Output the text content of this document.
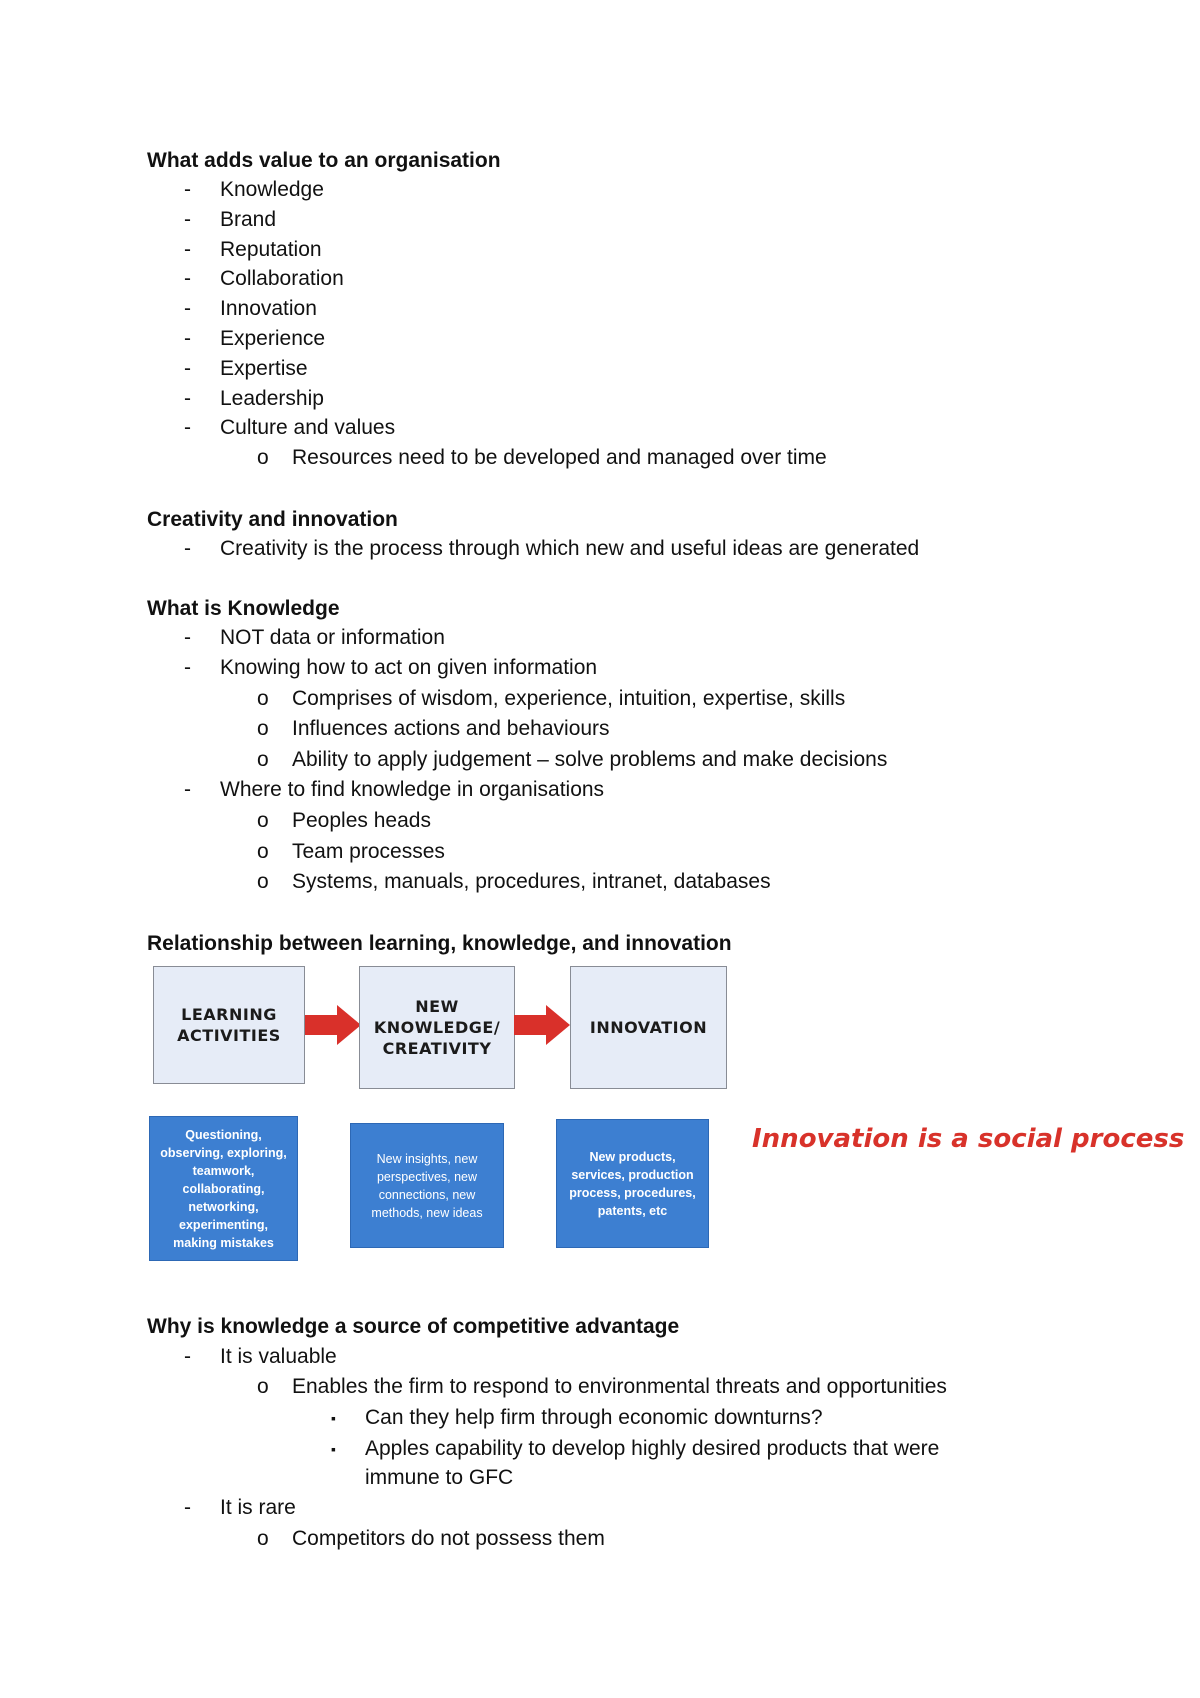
What adds value to an organisation
- Knowledge
- Brand
- Reputation
- Collaboration
- Innovation
- Experience
- Expertise
- Leadership
- Culture and values
o Resources need to be developed and managed over time
Creativity and innovation
- Creativity is the process through which new and useful ideas are generated
What is Knowledge
- NOT data or information
- Knowing how to act on given information
o Comprises of wisdom, experience, intuition, expertise, skills
o Influences actions and behaviours
o Ability to apply judgement – solve problems and make decisions
- Where to find knowledge in organisations
o Peoples heads
o Team processes
o Systems, manuals, procedures, intranet, databases
Relationship between learning, knowledge, and innovation
LEARNING ACTIVITIES
NEW KNOWLEDGE/ CREATIVITY
INNOVATION
Questioning, observing, exploring, teamwork, collaborating, networking, experimenting, making mistakes
New insights, new perspectives, new connections, new methods, new ideas
New products, services, production process, procedures, patents, etc
Innovation is a social process
Why is knowledge a source of competitive advantage
- It is valuable
o Enables the firm to respond to environmental threats and opportunities
▪ Can they help firm through economic downturns?
▪ Apples capability to develop highly desired products that were
immune to GFC
- It is rare
o Competitors do not possess them
